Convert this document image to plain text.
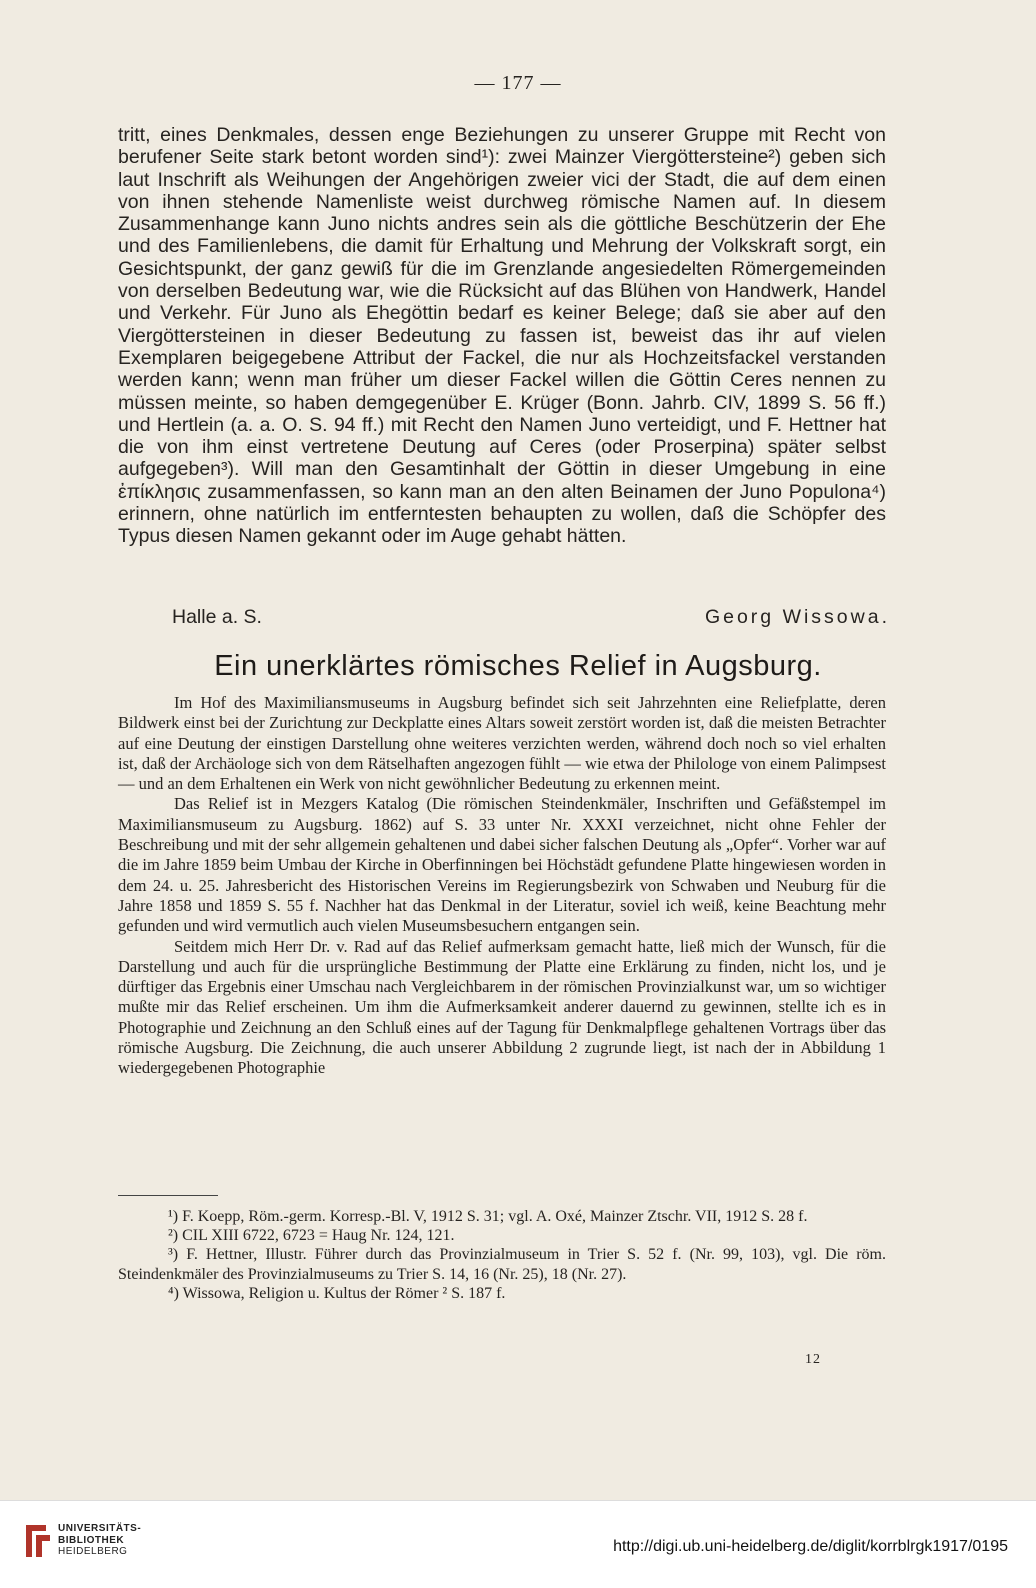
— 177 —

tritt, eines Denkmales, dessen enge Beziehungen zu unserer Gruppe mit Recht von berufener Seite stark betont worden sind¹): zwei Mainzer Viergöttersteine²) geben sich laut Inschrift als Weihungen der Angehörigen zweier vici der Stadt, die auf dem einen von ihnen stehende Namenliste weist durchweg römische Namen auf. In diesem Zusammenhange kann Juno nichts andres sein als die göttliche Beschützerin der Ehe und des Familienlebens, die damit für Erhaltung und Mehrung der Volkskraft sorgt, ein Gesichtspunkt, der ganz gewiß für die im Grenzlande angesiedelten Römergemeinden von derselben Bedeutung war, wie die Rücksicht auf das Blühen von Handwerk, Handel und Verkehr. Für Juno als Ehegöttin bedarf es keiner Belege; daß sie aber auf den Viergöttersteinen in dieser Bedeutung zu fassen ist, beweist das ihr auf vielen Exemplaren beigegebene Attribut der Fackel, die nur als Hochzeitsfackel verstanden werden kann; wenn man früher um dieser Fackel willen die Göttin Ceres nennen zu müssen meinte, so haben demgegenüber E. Krüger (Bonn. Jahrb. CIV, 1899 S. 56 ff.) und Hertlein (a. a. O. S. 94 ff.) mit Recht den Namen Juno verteidigt, und F. Hettner hat die von ihm einst vertretene Deutung auf Ceres (oder Proserpina) später selbst aufgegeben³). Will man den Gesamtinhalt der Göttin in dieser Umgebung in eine ἐπίκλησις zusammenfassen, so kann man an den alten Beinamen der Juno Populona⁴) erinnern, ohne natürlich im entferntesten behaupten zu wollen, daß die Schöpfer des Typus diesen Namen gekannt oder im Auge gehabt hätten.

Halle a. S.	Georg Wissowa.
Ein unerklärtes römisches Relief in Augsburg.

Im Hof des Maximiliansmuseums in Augsburg befindet sich seit Jahrzehnten eine Reliefplatte, deren Bildwerk einst bei der Zurichtung zur Deckplatte eines Altars soweit zerstört worden ist, daß die meisten Betrachter auf eine Deutung der einstigen Darstellung ohne weiteres verzichten werden, während doch noch so viel erhalten ist, daß der Archäologe sich von dem Rätselhaften angezogen fühlt — wie etwa der Philologe von einem Palimpsest — und an dem Erhaltenen ein Werk von nicht gewöhnlicher Bedeutung zu erkennen meint.

Das Relief ist in Mezgers Katalog (Die römischen Steindenkmäler, Inschriften und Gefäßstempel im Maximiliansmuseum zu Augsburg. 1862) auf S. 33 unter Nr. XXXI verzeichnet, nicht ohne Fehler der Beschreibung und mit der sehr allgemein gehaltenen und dabei sicher falschen Deutung als „Opfer“. Vorher war auf die im Jahre 1859 beim Umbau der Kirche in Oberfinningen bei Höchstädt gefundene Platte hingewiesen worden in dem 24. u. 25. Jahresbericht des Historischen Vereins im Regierungsbezirk von Schwaben und Neuburg für die Jahre 1858 und 1859 S. 55 f. Nachher hat das Denkmal in der Literatur, soviel ich weiß, keine Beachtung mehr gefunden und wird vermutlich auch vielen Museumsbesuchern entgangen sein.

Seitdem mich Herr Dr. v. Rad auf das Relief aufmerksam gemacht hatte, ließ mich der Wunsch, für die Darstellung und auch für die ursprüngliche Bestimmung der Platte eine Erklärung zu finden, nicht los, und je dürftiger das Ergebnis einer Umschau nach Vergleichbarem in der römischen Provinzialkunst war, um so wichtiger mußte mir das Relief erscheinen. Um ihm die Aufmerksamkeit anderer dauernd zu gewinnen, stellte ich es in Photographie und Zeichnung an den Schluß eines auf der Tagung für Denkmalpflege gehaltenen Vortrags über das römische Augsburg. Die Zeichnung, die auch unserer Abbildung 2 zugrunde liegt, ist nach der in Abbildung 1 wiedergegebenen Photographie

¹) F. Koepp, Röm.-germ. Korresp.-Bl. V, 1912 S. 31; vgl. A. Oxé, Mainzer Ztschr. VII, 1912 S. 28 f.

²) CIL XIII 6722, 6723 = Haug Nr. 124, 121.

³) F. Hettner, Illustr. Führer durch das Provinzialmuseum in Trier S. 52 f. (Nr. 99, 103), vgl. Die röm. Steindenkmäler des Provinzialmuseums zu Trier S. 14, 16 (Nr. 25), 18 (Nr. 27).

⁴) Wissowa, Religion u. Kultus der Römer ² S. 187 f.

12
UNIVERSITÄTS-
BIBLIOTHEK
HEIDELBERG	http://digi.ub.uni-heidelberg.de/diglit/korrblrgk1917/0195
